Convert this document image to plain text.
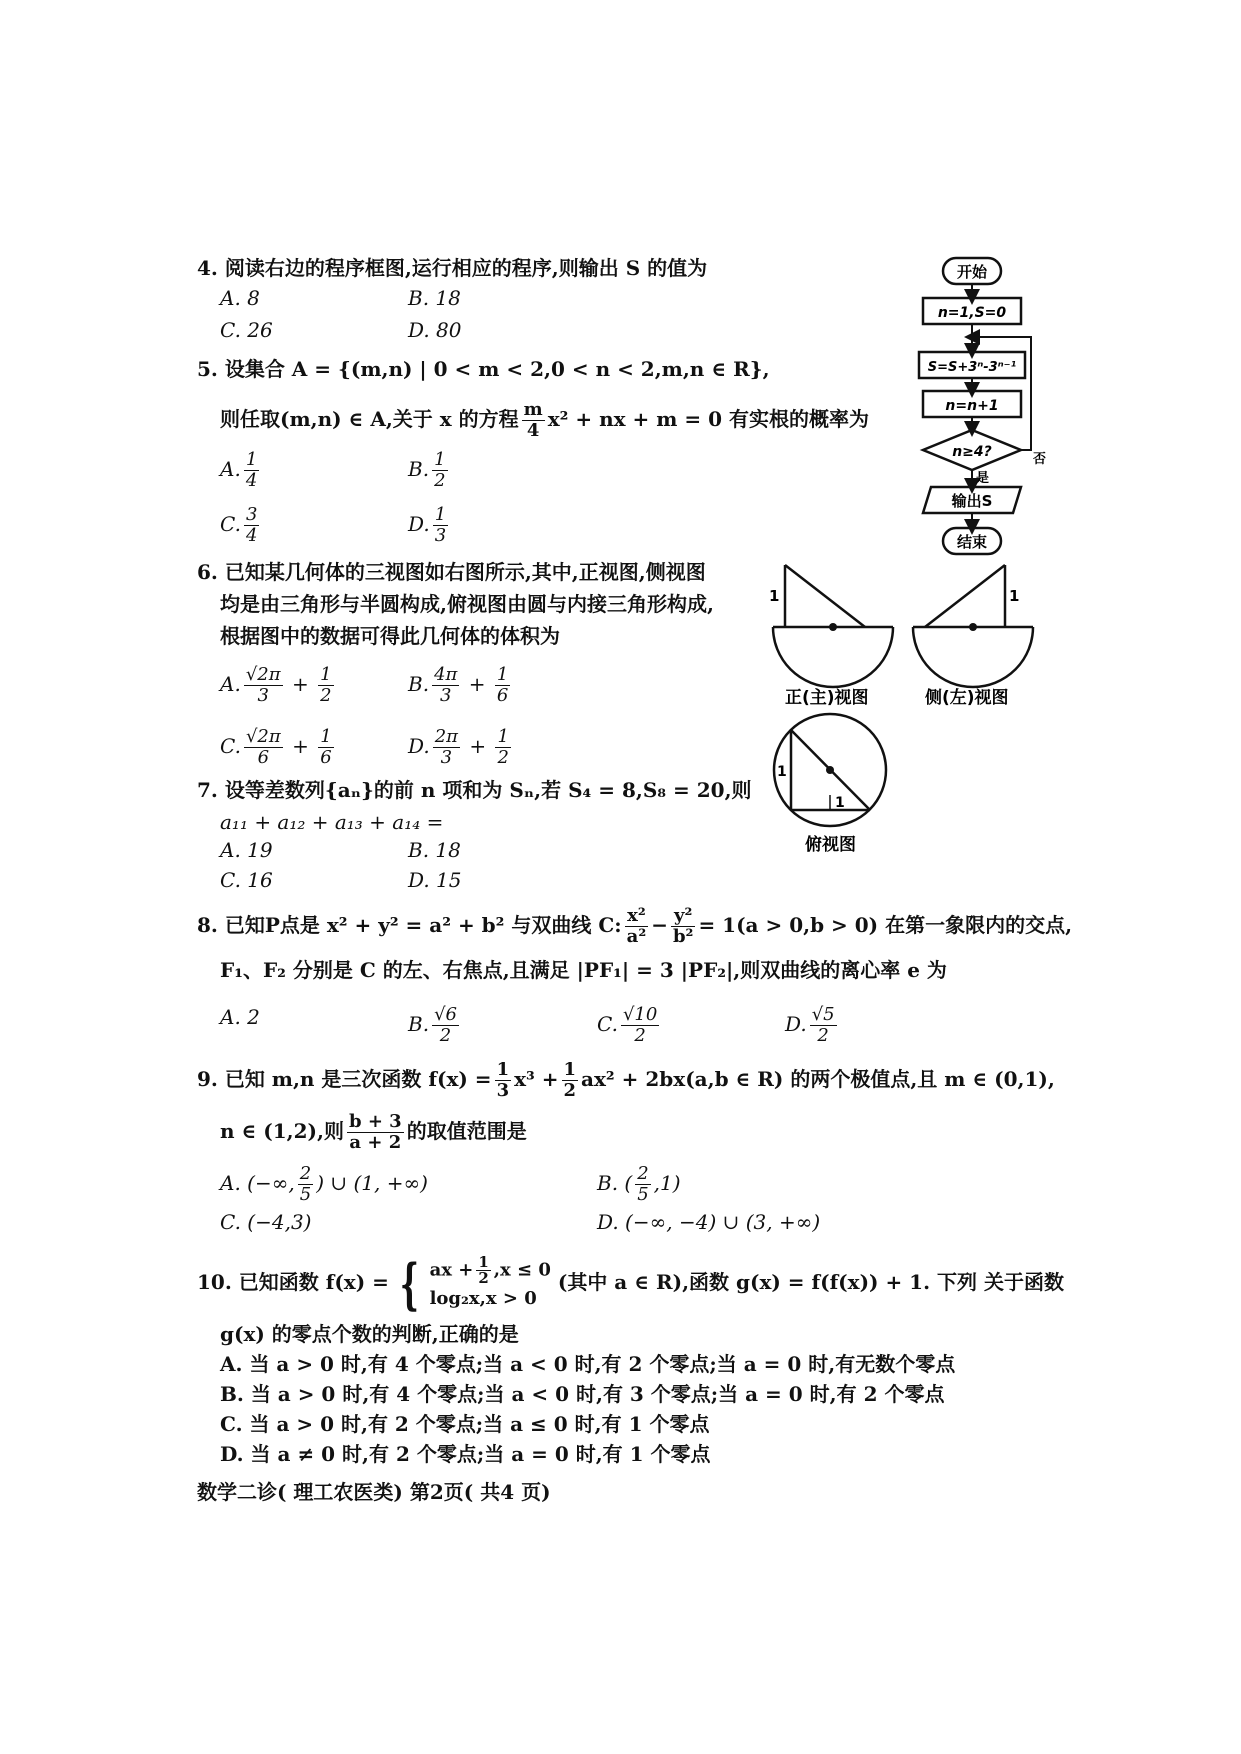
4. 阅读右边的程序框图,运行相应的程序,则输出 S 的值为
A. 8	B. 18
C. 26	D. 80
开始
n=1,S=0
S=S+3ⁿ-3ⁿ⁻¹
n=n+1
n≥4?	否
是
输出S
结束
5. 设集合 A = {(m,n) | 0 < m < 2,0 < n < 2,m,n ∈ R},
则任取(m,n) ∈ A,关于 x 的方程 $\frac{m}{4} x^2$ + nx + m = 0 有实根的概率为
A. $\frac{1}{4}$	B. $\frac{1}{2}$
C. $\frac{3}{4}$	D. $\frac{1}{3}$
6. 已知某几何体的三视图如右图所示,其中,正视图,侧视图
均是由三角形与半圆构成,俯视图由圆与内接三角形构成,
根据图中的数据可得此几何体的体积为
A. $\frac{√2\pi}{3} + \frac{1}{2}$	B. $\frac{4\pi}{3} + \frac{1}{6}$
C. $\frac{√2\pi}{6} + \frac{1}{6}$	D. $\frac{2\pi}{3} + \frac{1}{2}$
1
正(主)视图
1
侧(左)视图
1
1
俯视图
7. 设等差数列{aₙ}的前 n 项和为 Sₙ,若 S₄ = 8,S₈ = 20,则
a₁₁ + a₁₂ + a₁₃ + a₁₄ =
A. 19	B. 18
C. 16	D. 15
8. 已知P点是 x² + y² = a² + b² 与双曲线 C: $\frac{\text{x²}}{\text{a²}} - \frac{\text{y²}}{\text{b²}} = 1(a > 0,b > 0)$ 在第一象限内的交点,
F₁、F₂ 分别是 C 的左、右焦点,且满足 |PF₁| = 3 |PF₂|,则双曲线的离心率 e 为
A. 2	B. $\frac{√6}{2}$	C. $\frac{√10}{2}$	D. $\frac{√5}{2}$
9. 已知 m,n 是三次函数 $f(x) = \frac{1}{3} x^3 + \frac{1}{2} ax^2 + 2bx(a,b$ ∈ R) 的两个极值点,且 m ∈ (0,1),
n ∈ (1,2),则 $\frac{b + 3}{a + 2}$ 的取值范围是
A. (−∞, $\frac{2}{5}$ ) ∪ (1, +∞)	B. ( $\frac{2}{5} ,1$)
C. (−4,3)	D. (−∞, −4) ∪ (3, +∞)
10. 已知函数 f(x) = { ax + $\frac{1}{2} ,x \le 0$
log₂x,x > 0
(其中 a ∈ R),函数 g(x) = f(f(x)) + 1. 下列 关于函数
g(x) 的零点个数的判断,正确的是
A. 当 a > 0 时,有 4 个零点;当 a < 0 时,有 2 个零点;当 a = 0 时,有无数个零点
B. 当 a > 0 时,有 4 个零点;当 a < 0 时,有 3 个零点;当 a = 0 时,有 2 个零点
C. 当 a > 0 时,有 2 个零点;当 a ≤ 0 时,有 1 个零点
D. 当 a ≠ 0 时,有 2 个零点;当 a = 0 时,有 1 个零点
数学二诊( 理工农医类) 第2页( 共4 页)
